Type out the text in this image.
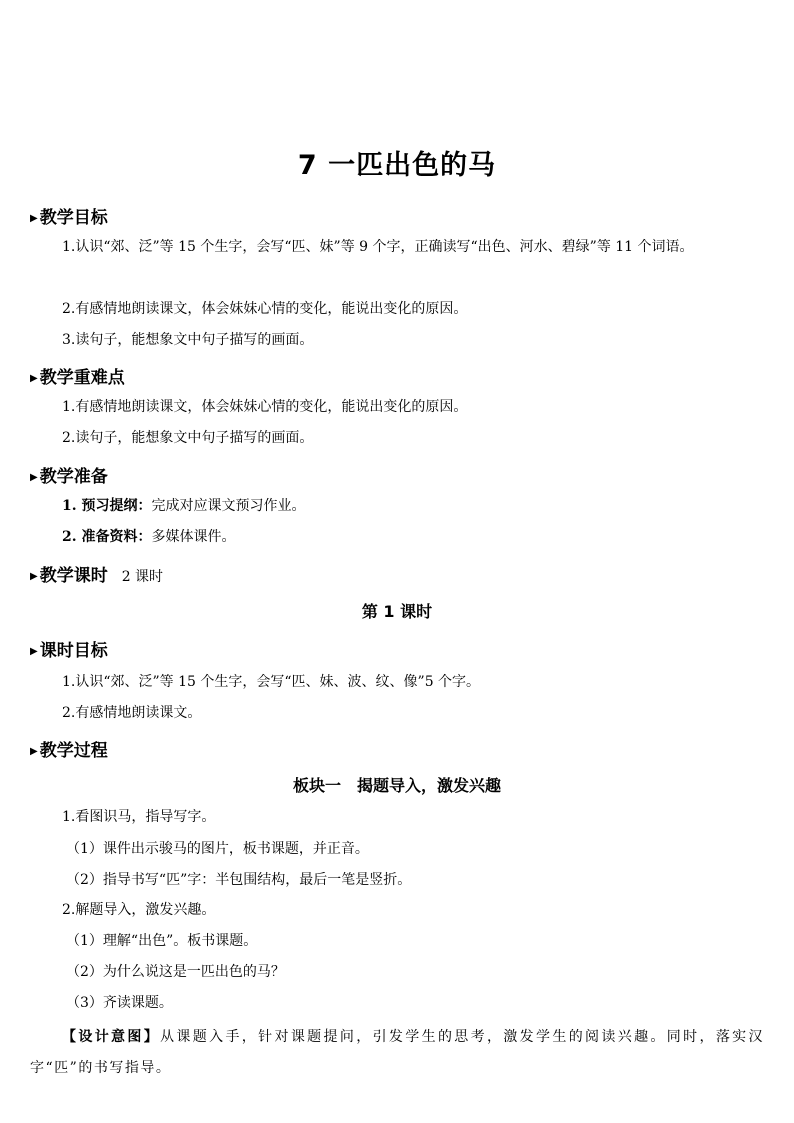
7 一匹出色的马
▶ 教学目标
1.认识“郊、泛”等 15 个生字，会写“匹、妹”等 9 个字，正确读写“出色、河水、碧绿”等 11 个词语。
2.有感情地朗读课文，体会妹妹心情的变化，能说出变化的原因。
3.读句子，能想象文中句子描写的画面。
▶ 教学重难点
1.有感情地朗读课文，体会妹妹心情的变化，能说出变化的原因。
2.读句子，能想象文中句子描写的画面。
▶ 教学准备
1. 预习提纲：完成对应课文预习作业。
2. 准备资料：多媒体课件。
▶ 教学课时 2 课时
第 1 课时
▶ 课时目标
1.认识“郊、泛”等 15 个生字，会写“匹、妹、波、纹、像”5 个字。
2.有感情地朗读课文。
▶ 教学过程
板块一　揭题导入，激发兴趣
1.看图识马，指导写字。
（1）课件出示骏马的图片，板书课题，并正音。
（2）指导书写“匹”字：半包围结构，最后一笔是竖折。
2.解题导入，激发兴趣。
（1）理解“出色”。板书课题。
（2）为什么说这是一匹出色的马？
（3）齐读课题。
【设计意图】从课题入手，针对课题提问，引发学生的思考，激发学生的阅读兴趣。同时，落实汉字“匹”的书写指导。
